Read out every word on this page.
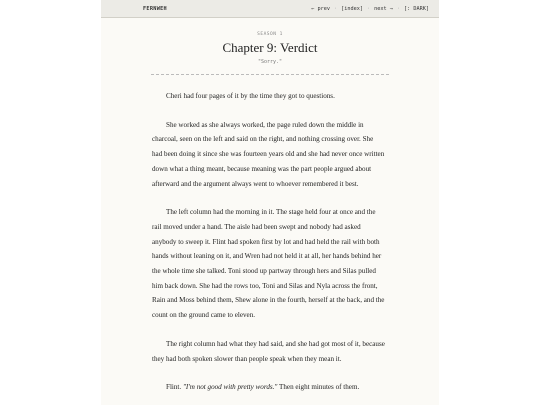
FERNWEH	← prev · [index] · next → · [: DARK]
SEASON 1
Chapter 9: Verdict
"Sorry."

Cheri had four pages of it by the time they got to questions.

She worked as she always worked, the page ruled down the middle in charcoal, seen on the left and said on the right, and nothing crossing over. She had been doing it since she was fourteen years old and she had never once written down what a thing meant, because meaning was the part people argued about afterward and the argument always went to whoever remembered it best.

The left column had the morning in it. The stage held four at once and the rail moved under a hand. The aisle had been swept and nobody had asked anybody to sweep it. Flint had spoken first by lot and had held the rail with both hands without leaning on it, and Wren had not held it at all, her hands behind her the whole time she talked. Toni stood up partway through hers and Silas pulled him back down. She had the rows too, Toni and Silas and Nyla across the front, Rain and Moss behind them, Shew alone in the fourth, herself at the back, and the count on the ground came to eleven.

The right column had what they had said, and she had got most of it, because they had both spoken slower than people speak when they mean it.

Flint. "I'm not good with pretty words." Then eight minutes of them.
